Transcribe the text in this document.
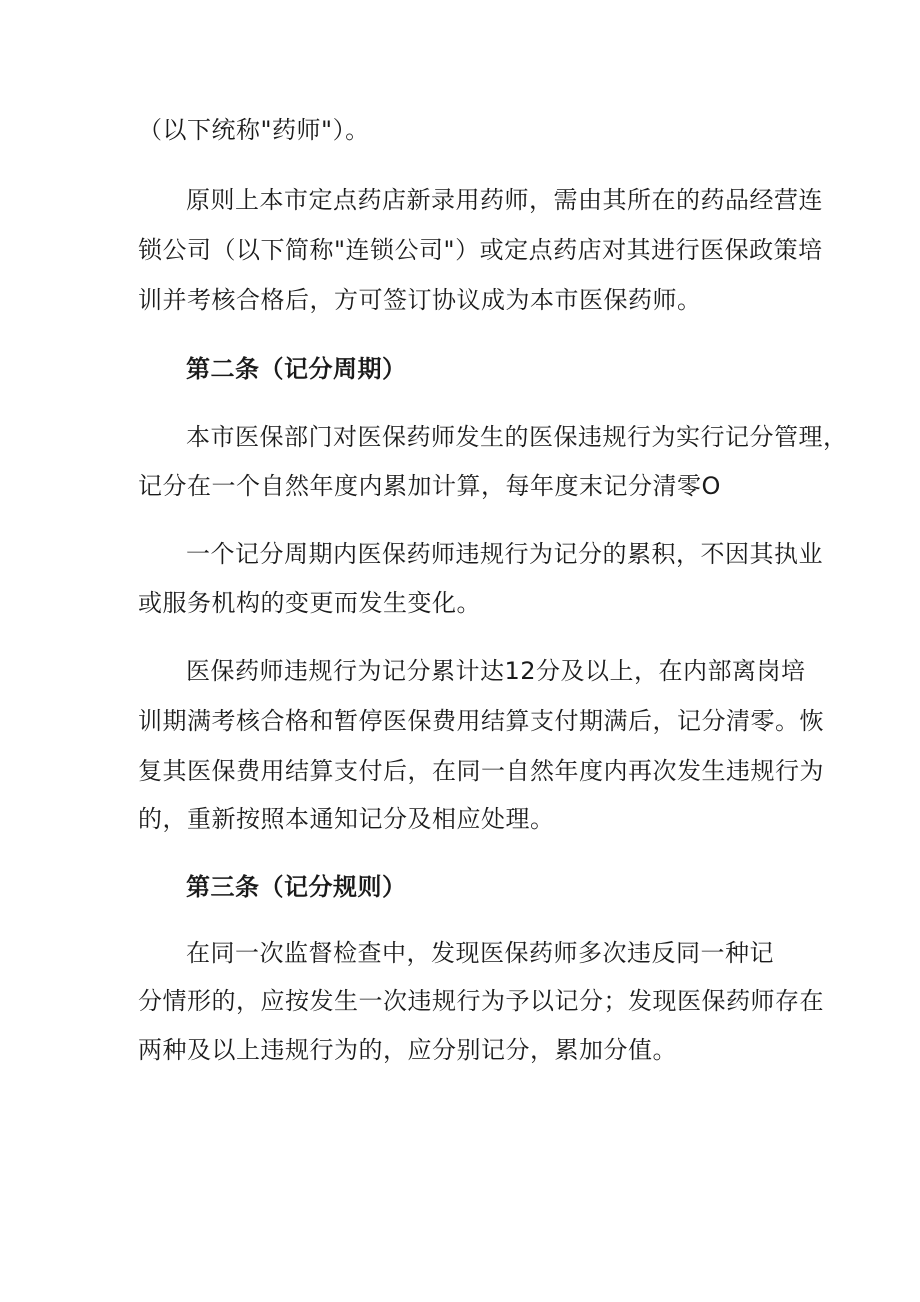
（以下统称"药师"）。
原则上本市定点药店新录用药师，需由其所在的药品经营连
锁公司（以下简称"连锁公司"）或定点药店对其进行医保政策培
训并考核合格后，方可签订协议成为本市医保药师。
第二条（记分周期）
本市医保部门对医保药师发生的医保违规行为实行记分管理，
记分在一个自然年度内累加计算，每年度末记分清零O
一个记分周期内医保药师违规行为记分的累积，不因其执业
或服务机构的变更而发生变化。
医保药师违规行为记分累计达12分及以上，在内部离岗培
训期满考核合格和暂停医保费用结算支付期满后，记分清零。恢
复其医保费用结算支付后，在同一自然年度内再次发生违规行为
的，重新按照本通知记分及相应处理。
第三条（记分规则）
在同一次监督检查中，发现医保药师多次违反同一种记
分情形的，应按发生一次违规行为予以记分；发现医保药师存在
两种及以上违规行为的，应分别记分，累加分值。
